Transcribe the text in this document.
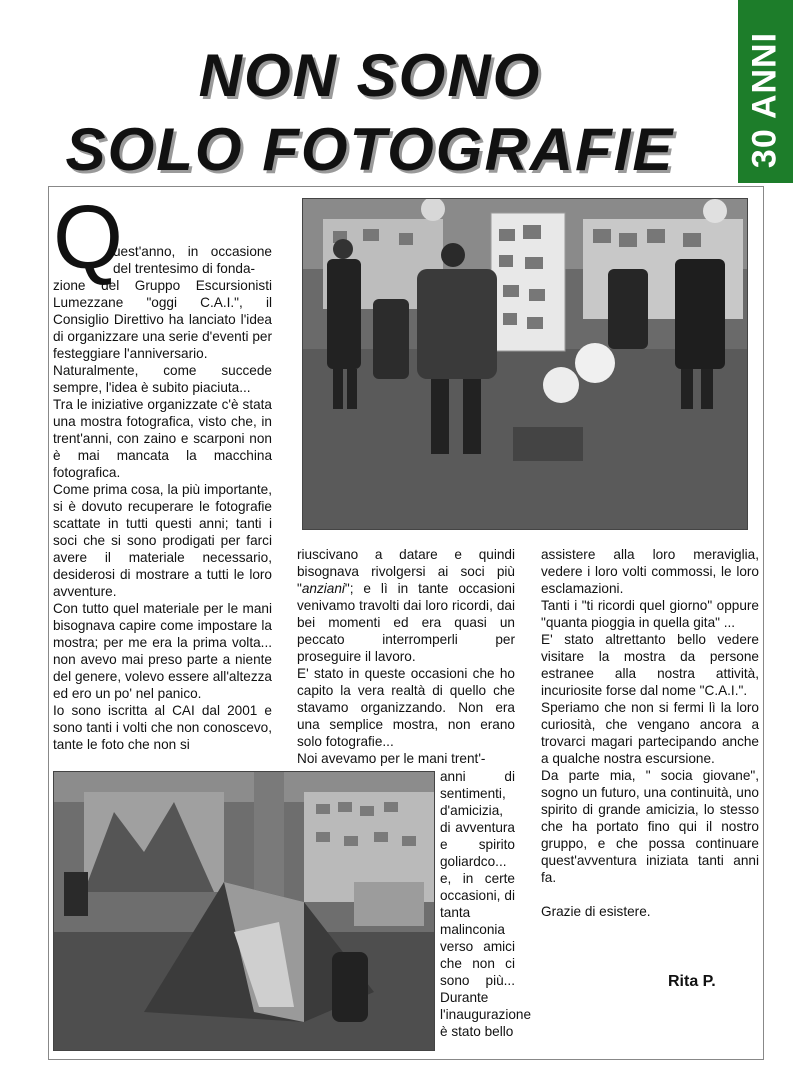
NON SONO
SOLO FOTOGRAFIE	30 ANNI
Q
uest'anno, in occasione del trentesimo di fonda-

zione del Gruppo Escursionisti Lumezzane "oggi C.A.I.", il Consiglio Direttivo ha lanciato l'idea di organizzare una serie d'eventi per festeggiare l'anniversario.

Naturalmente, come succede sempre, l'idea è subito piaciuta...

Tra le iniziative organizzate c'è stata una mostra fotografica, visto che, in trent'anni, con zaino e scarponi non è mai mancata la macchina fotografica.

Come prima cosa, la più importante, si è dovuto recuperare le fotografie scattate in tutti questi anni; tanti i soci che si sono prodigati per farci avere il materiale necessario, desiderosi di mostrare a tutti le loro avventure.

Con tutto quel materiale per le mani bisognava capire come impostare la mostra; per me era la prima volta... non avevo mai preso parte a niente del genere, volevo essere all'altezza ed ero un po' nel panico.

Io sono iscritta al CAI dal 2001 e sono tanti i volti che non conoscevo, tante le foto che non si

riuscivano a datare e quindi bisognava rivolgersi ai soci più "anziani"; e lì in tante occasioni venivamo travolti dai loro ricordi, dai bei momenti ed era quasi un peccato interromperli per proseguire il lavoro.

E' stato in queste occasioni che ho capito la vera realtà di quello che stavamo organizzando. Non era una semplice mostra, non erano solo fotografie...

Noi avevamo per le mani trent'-

anni di sentimenti, d'amicizia, di avventura e spirito goliardco... e, in certe occasioni, di tanta malinconia verso amici che non ci sono più... Durante l'inaugurazione è stato bello

assistere alla loro meraviglia, vedere i loro volti commossi, le loro esclamazioni.

Tanti i "ti ricordi quel giorno" oppure "quanta pioggia in quella gita" ...

E' stato altrettanto bello vedere visitare la mostra da persone estranee alla nostra attività, incuriosite forse dal nome "C.A.I.".

Speriamo che non si fermi lì la loro curiosità, che vengano ancora a trovarci magari partecipando anche a qualche nostra escursione.

Da parte mia, " socia giovane", sogno un futuro, una continuità, uno spirito di grande amicizia, lo stesso che ha portato fino qui il nostro gruppo, e che possa continuare quest'avventura iniziata tanti anni fa.

Grazie di esistere.

Rita P.
